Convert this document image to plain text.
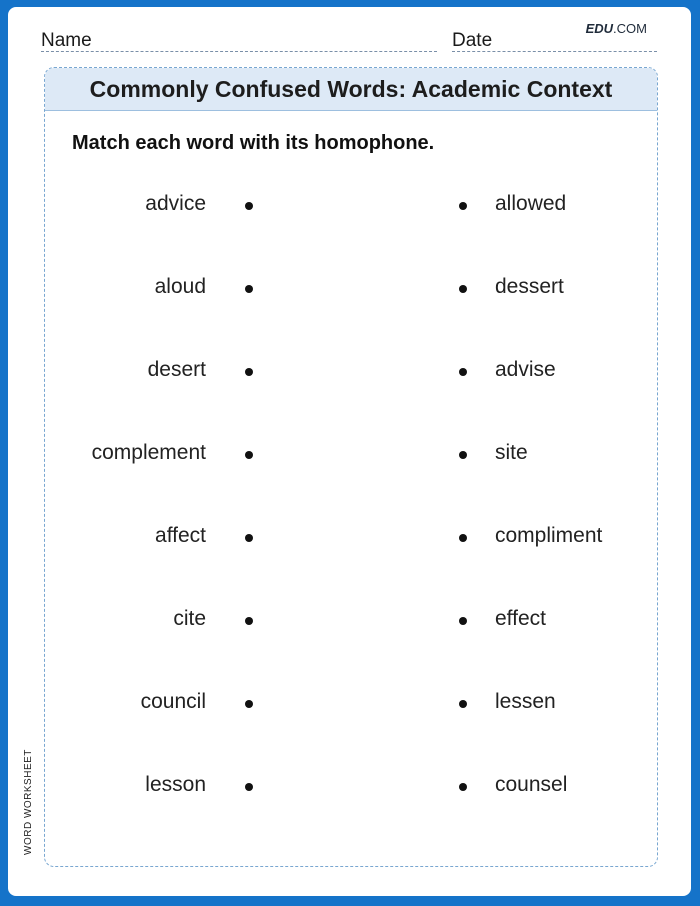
EDU.COM
Name	Date
Commonly Confused Words: Academic Context
Match each word with its homophone.
advice	allowed
aloud	dessert
desert	advise
complement	site
affect	compliment
cite	effect
council	lessen
lesson	counsel
WORD WORKSHEET
